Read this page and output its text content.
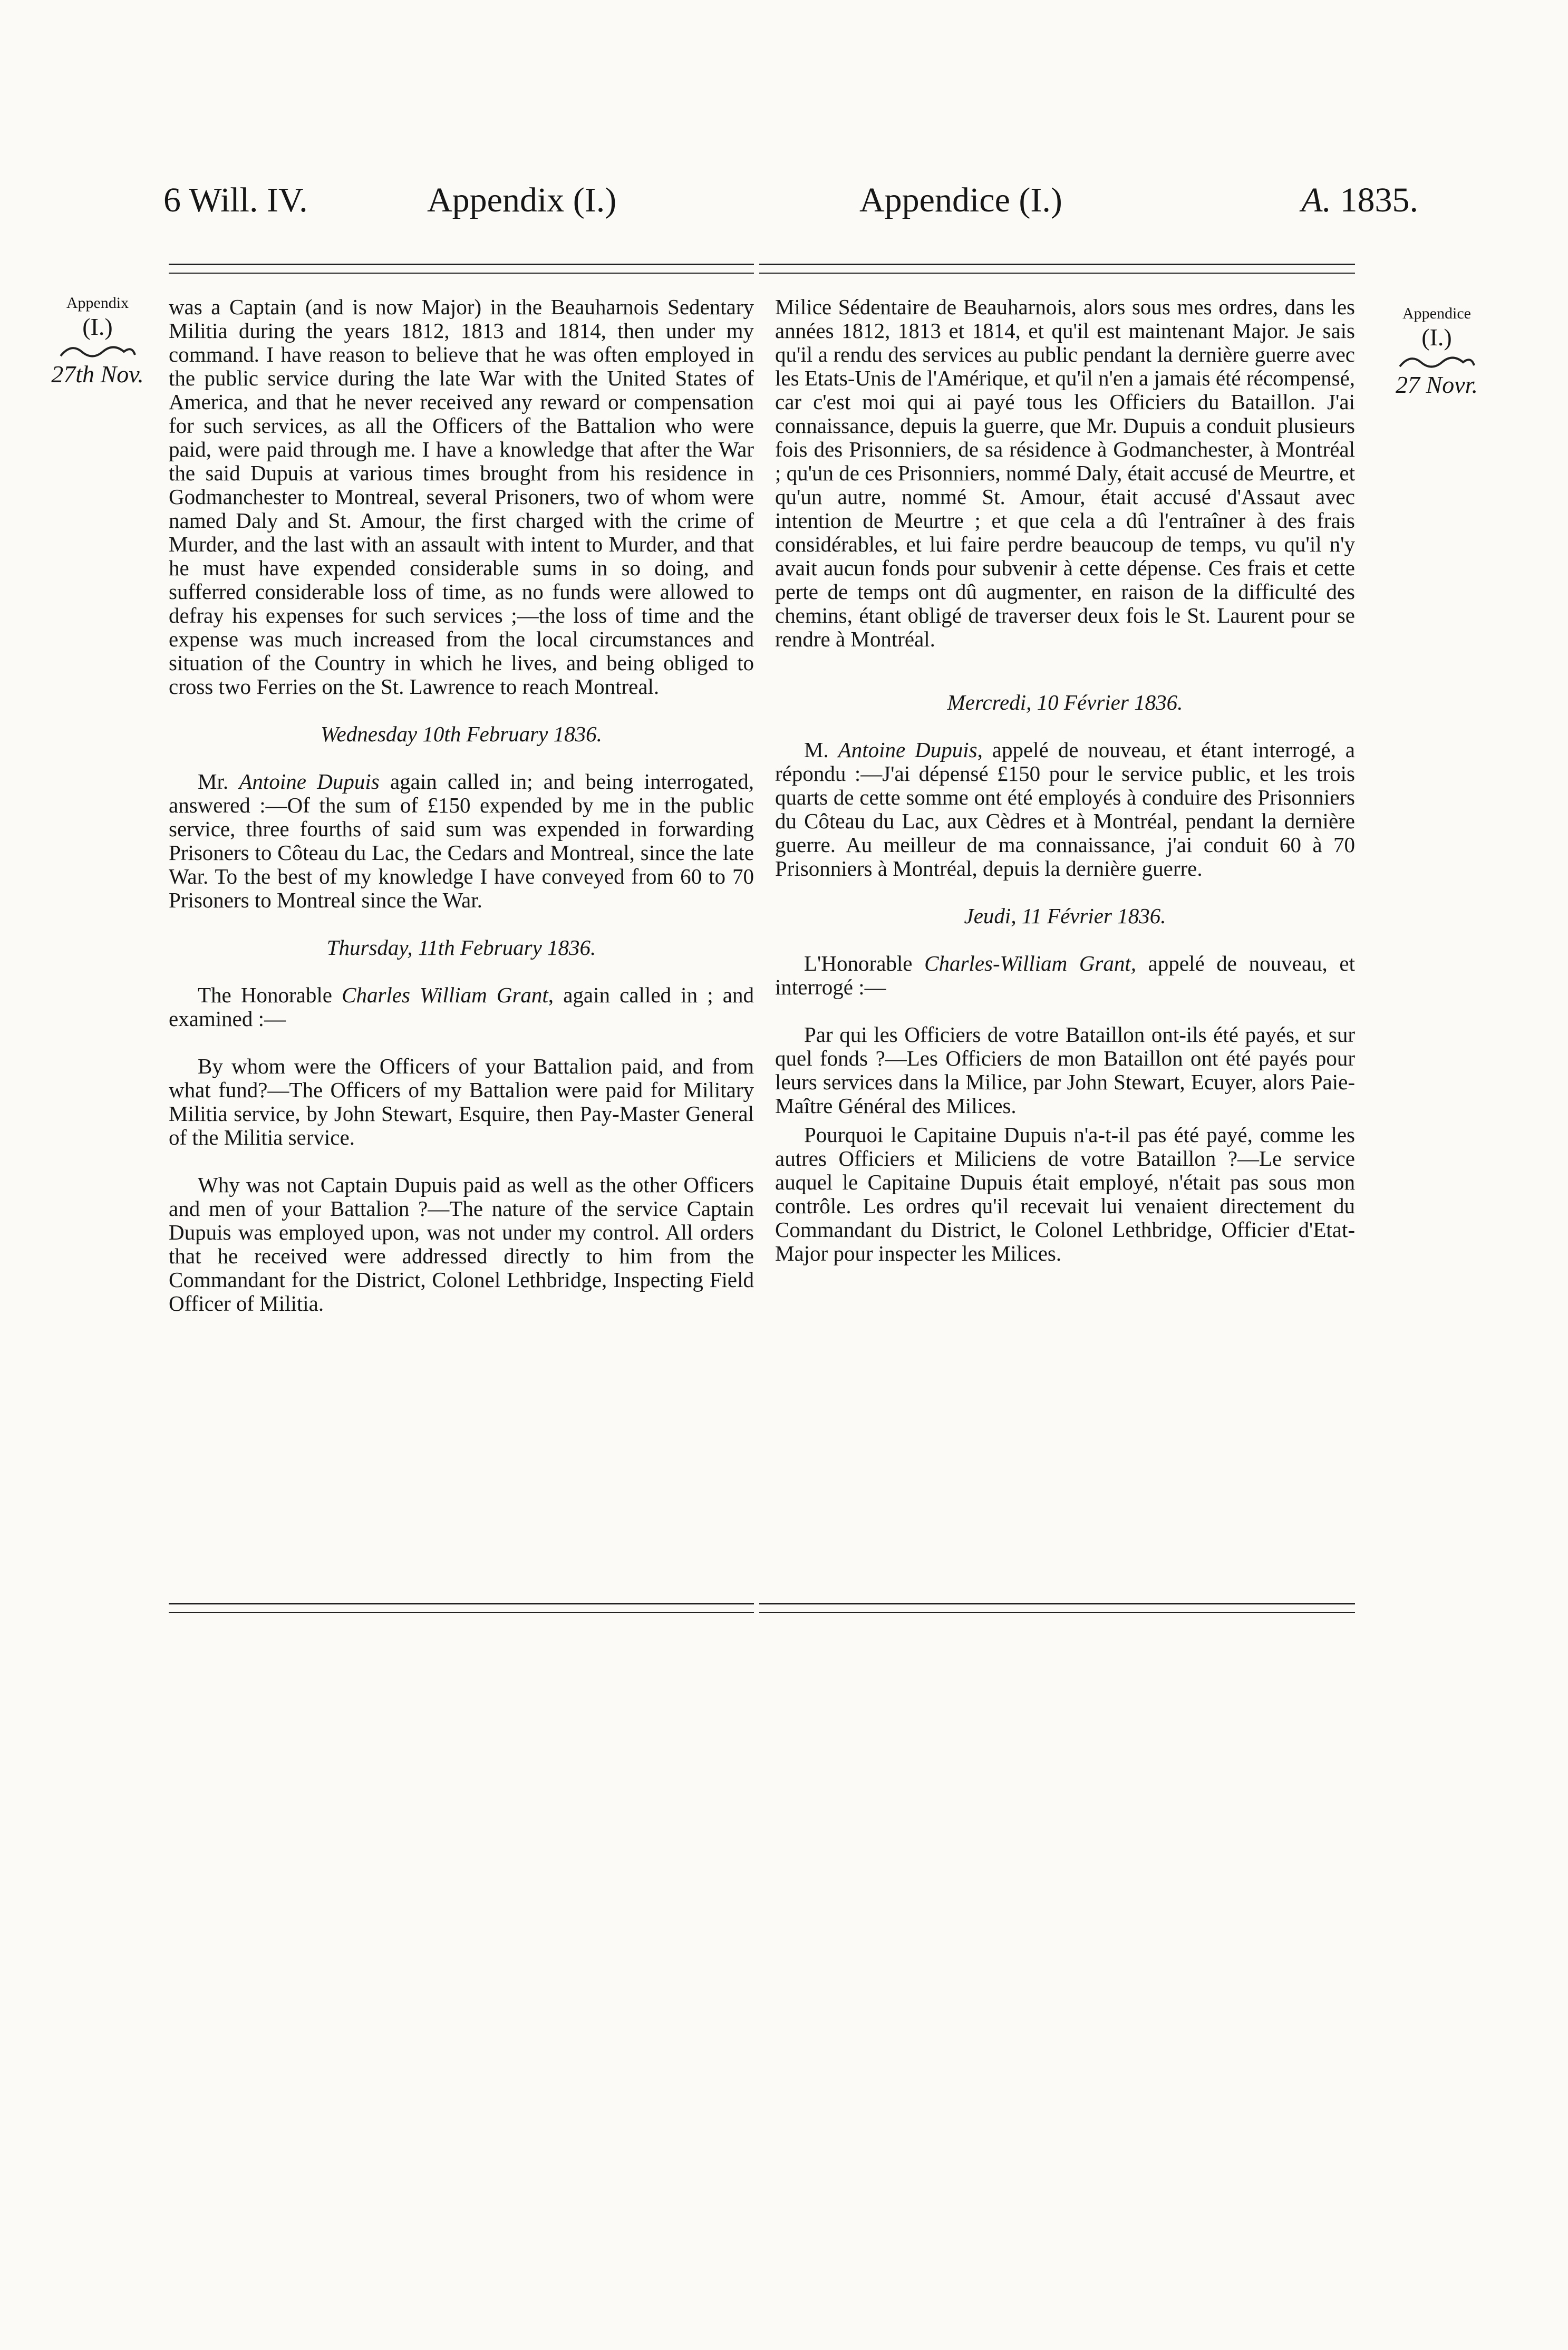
6 Will. IV.	Appendix (I.)	Appendice (I.)	A. 1835.
Appendix
(I.)
27th Nov.
Appendice
(I.)
27 Novr.

was a Captain (and is now Major) in the Beauharnois Sedentary Militia during the years 1812, 1813 and 1814, then under my command. I have reason to believe that he was often employed in the public service during the late War with the United States of America, and that he never received any reward or compensation for such services, as all the Officers of the Battalion who were paid, were paid through me. I have a knowledge that after the War the said Dupuis at various times brought from his residence in Godmanchester to Montreal, several Prisoners, two of whom were named Daly and St. Amour, the first charged with the crime of Murder, and the last with an assault with intent to Murder, and that he must have expended considerable sums in so doing, and sufferred considerable loss of time, as no funds were allowed to defray his expenses for such services ;—the loss of time and the expense was much increased from the local circumstances and situation of the Country in which he lives, and being obliged to cross two Ferries on the St. Lawrence to reach Montreal.

Wednesday 10th February 1836.

Mr. Antoine Dupuis again called in; and being interrogated, answered :—Of the sum of £150 expended by me in the public service, three fourths of said sum was expended in forwarding Prisoners to Côteau du Lac, the Cedars and Montreal, since the late War. To the best of my knowledge I have conveyed from 60 to 70 Prisoners to Montreal since the War.

Thursday, 11th February 1836.

The Honorable Charles William Grant, again called in ; and examined :—

By whom were the Officers of your Battalion paid, and from what fund?—The Officers of my Battalion were paid for Military Militia service, by John Stewart, Esquire, then Pay-Master General of the Militia service.

Why was not Captain Dupuis paid as well as the other Officers and men of your Battalion ?—The nature of the service Captain Dupuis was employed upon, was not under my control. All orders that he received were addressed directly to him from the Commandant for the District, Colonel Lethbridge, Inspecting Field Officer of Militia.

Milice Sédentaire de Beauharnois, alors sous mes ordres, dans les années 1812, 1813 et 1814, et qu'il est maintenant Major. Je sais qu'il a rendu des services au public pendant la dernière guerre avec les Etats-Unis de l'Amérique, et qu'il n'en a jamais été récompensé, car c'est moi qui ai payé tous les Officiers du Bataillon. J'ai connaissance, depuis la guerre, que Mr. Dupuis a conduit plusieurs fois des Prisonniers, de sa résidence à Godmanchester, à Montréal ; qu'un de ces Prisonniers, nommé Daly, était accusé de Meurtre, et qu'un autre, nommé St. Amour, était accusé d'Assaut avec intention de Meurtre ; et que cela a dû l'entraîner à des frais considérables, et lui faire perdre beaucoup de temps, vu qu'il n'y avait aucun fonds pour subvenir à cette dépense. Ces frais et cette perte de temps ont dû augmenter, en raison de la difficulté des chemins, étant obligé de traverser deux fois le St. Laurent pour se rendre à Montréal.

Mercredi, 10 Février 1836.

M. Antoine Dupuis, appelé de nouveau, et étant interrogé, a répondu :—J'ai dépensé £150 pour le service public, et les trois quarts de cette somme ont été employés à conduire des Prisonniers du Côteau du Lac, aux Cèdres et à Montréal, pendant la dernière guerre. Au meilleur de ma connaissance, j'ai conduit 60 à 70 Prisonniers à Montréal, depuis la dernière guerre.

Jeudi, 11 Février 1836.

L'Honorable Charles-William Grant, appelé de nouveau, et interrogé :—

Par qui les Officiers de votre Bataillon ont-ils été payés, et sur quel fonds ?—Les Officiers de mon Bataillon ont été payés pour leurs services dans la Milice, par John Stewart, Ecuyer, alors Paie-Maître Général des Milices.

Pourquoi le Capitaine Dupuis n'a-t-il pas été payé, comme les autres Officiers et Miliciens de votre Bataillon ?—Le service auquel le Capitaine Dupuis était employé, n'était pas sous mon contrôle. Les ordres qu'il recevait lui venaient directement du Commandant du District, le Colonel Lethbridge, Officier d'Etat-Major pour inspecter les Milices.
